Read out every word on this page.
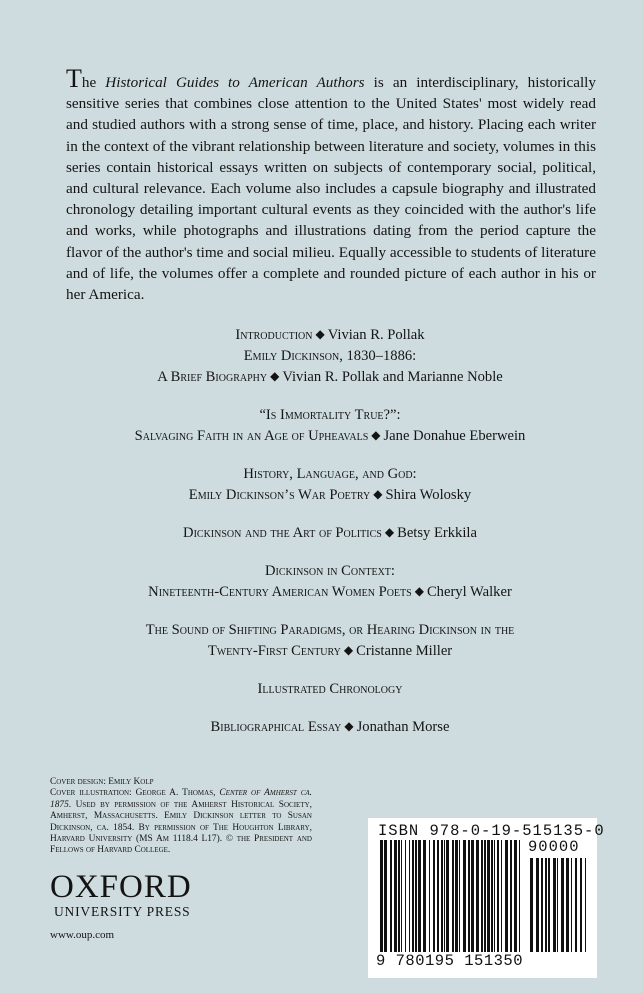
The Historical Guides to American Authors is an interdisciplinary, historically sensitive series that combines close attention to the United States' most widely read and studied authors with a strong sense of time, place, and history. Placing each writer in the context of the vibrant relationship between literature and society, volumes in this series contain historical essays written on subjects of contemporary social, political, and cultural relevance. Each volume also includes a capsule biography and illustrated chronology detailing important cultural events as they coincided with the author's life and works, while photographs and illustrations dating from the period capture the flavor of the author's time and social milieu. Equally accessible to students of literature and of life, the volumes offer a complete and rounded picture of each author in his or her America.
Introduction ◆ Vivian R. Pollak
Emily Dickinson, 1830–1886:
A Brief Biography ◆ Vivian R. Pollak and Marianne Noble
“Is Immortality True?”:
Salvaging Faith in an Age of Upheavals ◆ Jane Donahue Eberwein
History, Language, and God:
Emily Dickinson’s War Poetry ◆ Shira Wolosky
Dickinson and the Art of Politics ◆ Betsy Erkkila
Dickinson in Context:
Nineteenth-Century American Women Poets ◆ Cheryl Walker
The Sound of Shifting Paradigms, or Hearing Dickinson in the
Twenty-First Century ◆ Cristanne Miller
Illustrated Chronology
Bibliographical Essay ◆ Jonathan Morse
Cover design: Emily Kolp
Cover illustration: George A. Thomas, Center of Amherst ca. 1875. Used by permission of the Amherst Historical Society, Amherst, Massachusetts. Emily Dickinson letter to Susan Dickinson, ca. 1854. By permission of The Houghton Library, Harvard University (MS Am 1118.4 L17). © the President and Fellows of Harvard College.
OXFORD
UNIVERSITY PRESS
www.oup.com
ISBN 978-0-19-515135-0
90000
9 780195 151350
